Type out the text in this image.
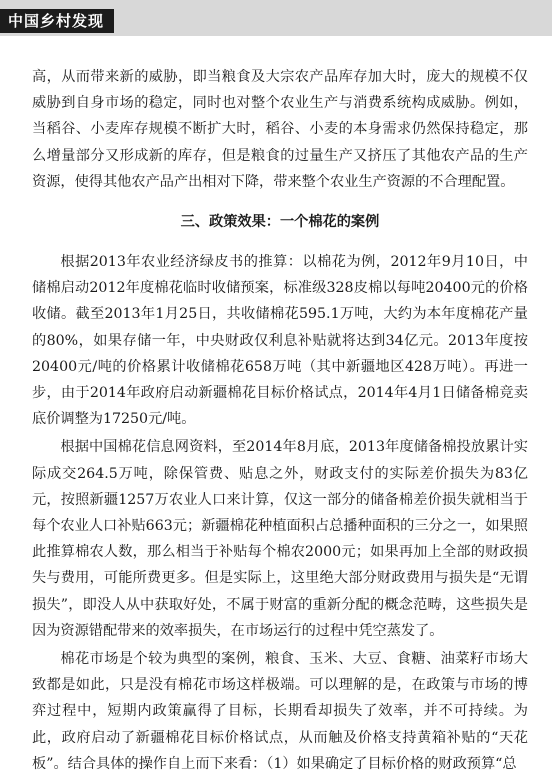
中国乡村发现

高，从而带来新的威胁，即当粮食及大宗农产品库存加大时，庞大的规模不仅威胁到自身市场的稳定，同时也对整个农业生产与消费系统构成威胁。例如，当稻谷、小麦库存规模不断扩大时，稻谷、小麦的本身需求仍然保持稳定，那么增量部分又形成新的库存，但是粮食的过量生产又挤压了其他农产品的生产资源，使得其他农产品产出相对下降，带来整个农业生产资源的不合理配置。

三、政策效果：一个棉花的案例

根据2013年农业经济绿皮书的推算：以棉花为例，2012年9月10日，中储棉启动2012年度棉花临时收储预案，标准级328皮棉以每吨20400元的价格收储。截至2013年1月25日，共收储棉花595.1万吨，大约为本年度棉花产量的80%，如果存储一年，中央财政仅利息补贴就将达到34亿元。2013年度按20400元/吨的价格累计收储棉花658万吨（其中新疆地区428万吨）。再进一步，由于2014年政府启动新疆棉花目标价格试点，2014年4月1日储备棉竞卖底价调整为17250元/吨。

根据中国棉花信息网资料，至2014年8月底，2013年度储备棉投放累计实际成交264.5万吨，除保管费、贴息之外，财政支付的实际差价损失为83亿元，按照新疆1257万农业人口来计算，仅这一部分的储备棉差价损失就相当于每个农业人口补贴663元；新疆棉花种植面积占总播种面积的三分之一，如果照此推算棉农人数，那么相当于补贴每个棉农2000元；如果再加上全部的财政损失与费用，可能所费更多。但是实际上，这里绝大部分财政费用与损失是“无谓损失”，即没人从中获取好处，不属于财富的重新分配的概念范畴，这些损失是因为资源错配带来的效率损失，在市场运行的过程中凭空蒸发了。

棉花市场是个较为典型的案例，粮食、玉米、大豆、食糖、油菜籽市场大致都是如此，只是没有棉花市场这样极端。可以理解的是，在政策与市场的博弈过程中，短期内政策赢得了目标，长期看却损失了效率，并不可持续。为此，政府启动了新疆棉花目标价格试点，从而触及价格支持黄箱补贴的“天花板”。结合具体的操作自上而下来看：（1）如果确定了目标价格的财政预算“总
